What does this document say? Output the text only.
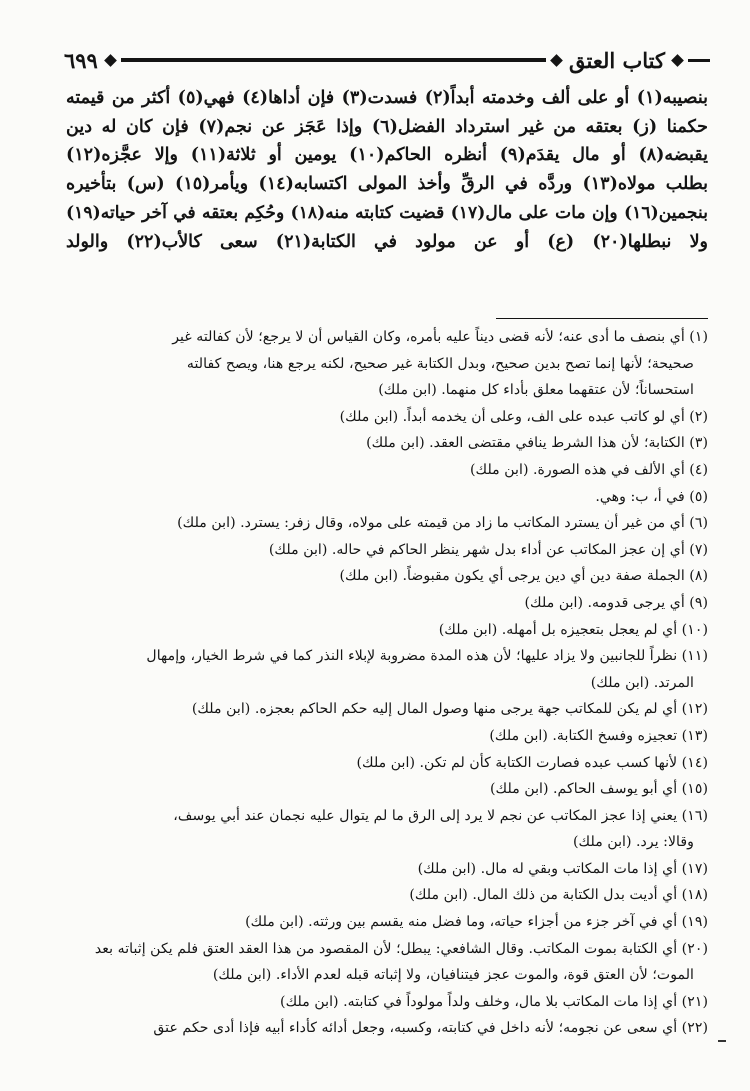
كتاب العتق
٦٩٩

بنصيبه(١) أو على ألف وخدمته أبداً(٢) فسدت(٣) فإن أداها(٤) فهي(٥) أكثر من قيمته

حكمنا (ز) بعتقه من غير استرداد الفضل(٦) وإذا عَجَز عن نجم(٧) فإن كان له دين

يقبضه(٨) أو مال يقدَم(٩) أنظره الحاكم(١٠) يومين أو ثلاثة(١١) وإلا عجَّزه(١٢)

بطلب مولاه(١٣) وردَّه في الرقِّ وأخذ المولى اكتسابه(١٤) ويأمر(١٥) (س) بتأخيره

بنجمين(١٦) وإن مات على مال(١٧) قضيت كتابته منه(١٨) وحُكِم بعتقه في آخر حياته(١٩)

ولا نبطلها(٢٠) (ع) أو عن مولود في الكتابة(٢١) سعى كالأب(٢٢) والولد

(١) أي بنصف ما أدى عنه؛ لأنه قضى ديناً عليه بأمره، وكان القياس أن لا يرجع؛ لأن كفالته غير

صحيحة؛ لأنها إنما تصح بدين صحيح، وبدل الكتابة غير صحيح، لكنه يرجع هنا، ويصح كفالته

استحساناً؛ لأن عتقهما معلق بأداء كل منهما. (ابن ملك)

(٢) أي لو كاتب عبده على الف، وعلى أن يخدمه أبداً. (ابن ملك)

(٣) الكتابة؛ لأن هذا الشرط ينافي مقتضى العقد. (ابن ملك)

(٤) أي الألف في هذه الصورة. (ابن ملك)

(٥) في أ، ب: وهي.

(٦) أي من غير أن يسترد المكاتب ما زاد من قيمته على مولاه، وقال زفر: يسترد. (ابن ملك)

(٧) أي إن عجز المكاتب عن أداء بدل شهر ينظر الحاكم في حاله. (ابن ملك)

(٨) الجملة صفة دين أي دين يرجى أي يكون مقبوضاً. (ابن ملك)

(٩) أي يرجى قدومه. (ابن ملك)

(١٠) أي لم يعجل بتعجيزه بل أمهله. (ابن ملك)

(١١) نظراً للجانبين ولا يزاد عليها؛ لأن هذه المدة مضروبة لإبلاء النذر كما في شرط الخيار، وإمهال

المرتد. (ابن ملك)

(١٢) أي لم يكن للمكاتب جهة يرجى منها وصول المال إليه حكم الحاكم بعجزه. (ابن ملك)

(١٣) تعجيزه وفسخ الكتابة. (ابن ملك)

(١٤) لأنها كسب عبده فصارت الكتابة كأن لم تكن. (ابن ملك)

(١٥) أي أبو يوسف الحاكم. (ابن ملك)

(١٦) يعني إذا عجز المكاتب عن نجم لا يرد إلى الرق ما لم يتوال عليه نجمان عند أبي يوسف،

وقالا: يرد. (ابن ملك)

(١٧) أي إذا مات المكاتب وبقي له مال. (ابن ملك)

(١٨) أي أديت بدل الكتابة من ذلك المال. (ابن ملك)

(١٩) أي في آخر جزء من أجزاء حياته، وما فضل منه يقسم بين ورثته. (ابن ملك)

(٢٠) أي الكتابة بموت المكاتب. وقال الشافعي: يبطل؛ لأن المقصود من هذا العقد العتق فلم يكن إثباته بعد

الموت؛ لأن العتق قوة، والموت عجز فيتنافيان، ولا إثباته قبله لعدم الأداء. (ابن ملك)

(٢١) أي إذا مات المكاتب بلا مال، وخلف ولداً مولوداً في كتابته. (ابن ملك)

(٢٢) أي سعى عن نجومه؛ لأنه داخل في كتابته، وكسبه، وجعل أدائه كأداء أبيه فإذا أدى حكم عتق
